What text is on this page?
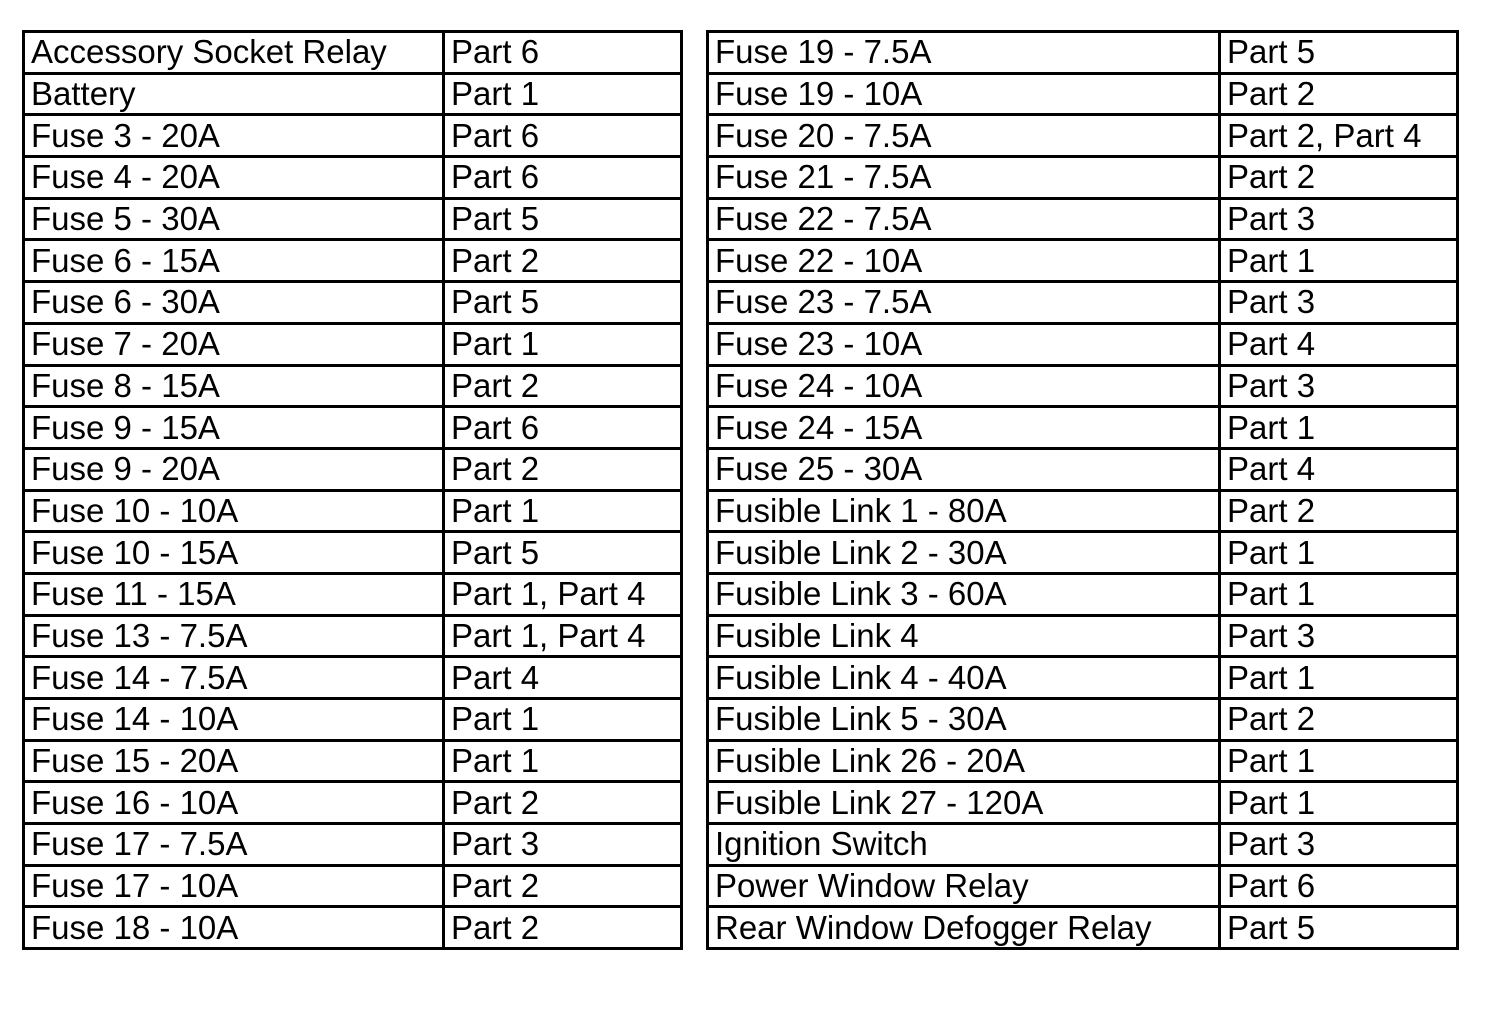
Accessory Socket Relay	Part 6
Battery	Part 1
Fuse 3 - 20A	Part 6
Fuse 4 - 20A	Part 6
Fuse 5 - 30A	Part 5
Fuse 6 - 15A	Part 2
Fuse 6 - 30A	Part 5
Fuse 7 - 20A	Part 1
Fuse 8 - 15A	Part 2
Fuse 9 - 15A	Part 6
Fuse 9 - 20A	Part 2
Fuse 10 - 10A	Part 1
Fuse 10 - 15A	Part 5
Fuse 11 - 15A	Part 1, Part 4
Fuse 13 - 7.5A	Part 1, Part 4
Fuse 14 - 7.5A	Part 4
Fuse 14 - 10A	Part 1
Fuse 15 - 20A	Part 1
Fuse 16 - 10A	Part 2
Fuse 17 - 7.5A	Part 3
Fuse 17 - 10A	Part 2
Fuse 18 - 10A	Part 2
Fuse 19 - 7.5A	Part 5
Fuse 19 - 10A	Part 2
Fuse 20 - 7.5A	Part 2, Part 4
Fuse 21 - 7.5A	Part 2
Fuse 22 - 7.5A	Part 3
Fuse 22 - 10A	Part 1
Fuse 23 - 7.5A	Part 3
Fuse 23 - 10A	Part 4
Fuse 24 - 10A	Part 3
Fuse 24 - 15A	Part 1
Fuse 25 - 30A	Part 4
Fusible Link 1 - 80A	Part 2
Fusible Link 2 - 30A	Part 1
Fusible Link 3 - 60A	Part 1
Fusible Link 4	Part 3
Fusible Link 4 - 40A	Part 1
Fusible Link 5 - 30A	Part 2
Fusible Link 26 - 20A	Part 1
Fusible Link 27 - 120A	Part 1
Ignition Switch	Part 3
Power Window Relay	Part 6
Rear Window Defogger Relay	Part 5
